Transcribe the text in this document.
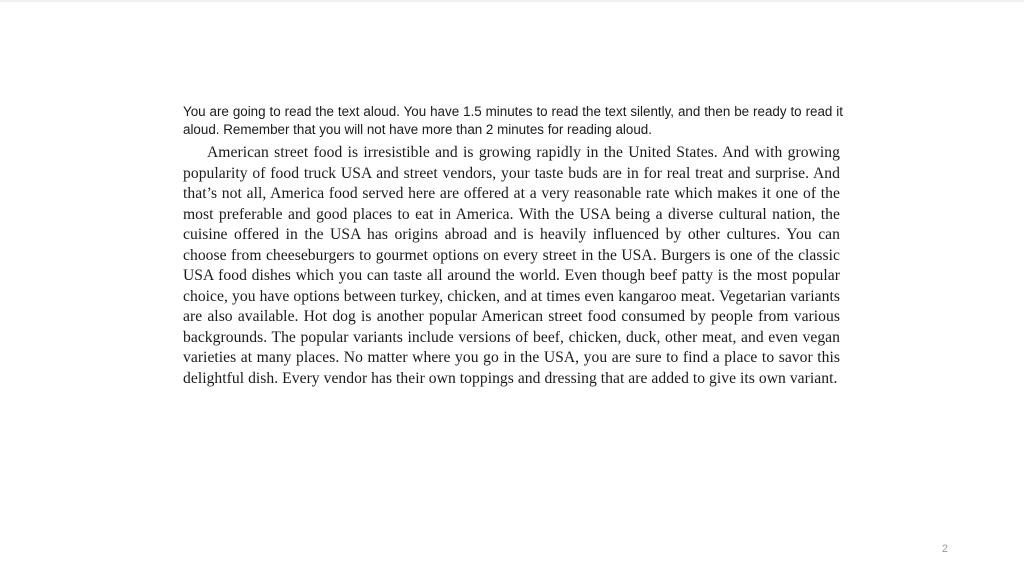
You are going to read the text aloud. You have 1.5 minutes to read the text silently, and then be ready to read it aloud. Remember that you will not have more than 2 minutes for reading aloud.

American street food is irresistible and is growing rapidly in the United States. And with growing popularity of food truck USA and street vendors, your taste buds are in for real treat and surprise. And that’s not all, America food served here are offered at a very reasonable rate which makes it one of the most preferable and good places to eat in America. With the USA being a diverse cultural nation, the cuisine offered in the USA has origins abroad and is heavily influenced by other cultures. You can choose from cheeseburgers to gourmet options on every street in the USA. Burgers is one of the classic USA food dishes which you can taste all around the world. Even though beef patty is the most popular choice, you have options between turkey, chicken, and at times even kangaroo meat. Vegetarian variants are also available. Hot dog is another popular American street food consumed by people from various backgrounds. The popular variants include versions of beef, chicken, duck, other meat, and even vegan varieties at many places. No matter where you go in the USA, you are sure to find a place to savor this delightful dish. Every vendor has their own toppings and dressing that are added to give its own variant.

2
